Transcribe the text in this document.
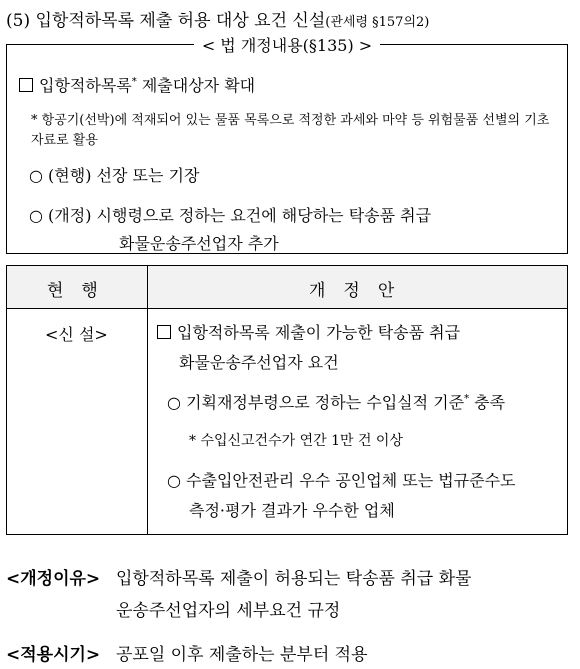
(5) 입항적하목록 제출 허용 대상 요건 신설(관세령 §157의2)
< 법 개정내용(§135) >
입항적하목록* 제출대상자 확대
* 항공기(선박)에 적재되어 있는 물품 목록으로 적정한 과세와 마약 등 위험물품 선별의 기초자료로 활용
○ (현행) 선장 또는 기장
○ (개정) 시행령으로 정하는 요건에 해당하는 탁송품 취급
화물운송주선업자 추가
현행	개정안
<신 설>	입항적하목록 제출이 가능한 탁송품 취급
화물운송주선업자 요건
○ 기획재정부령으로 정하는 수입실적 기준* 충족
* 수입신고건수가 연간 1만 건 이상
○ 수출입안전관리 우수 공인업체 또는 법규준수도
측정·평가 결과가 우수한 업체
<개정이유> 입항적하목록 제출이 허용되는 탁송품 취급 화물
운송주선업자의 세부요건 규정
<적용시기> 공포일 이후 제출하는 분부터 적용
